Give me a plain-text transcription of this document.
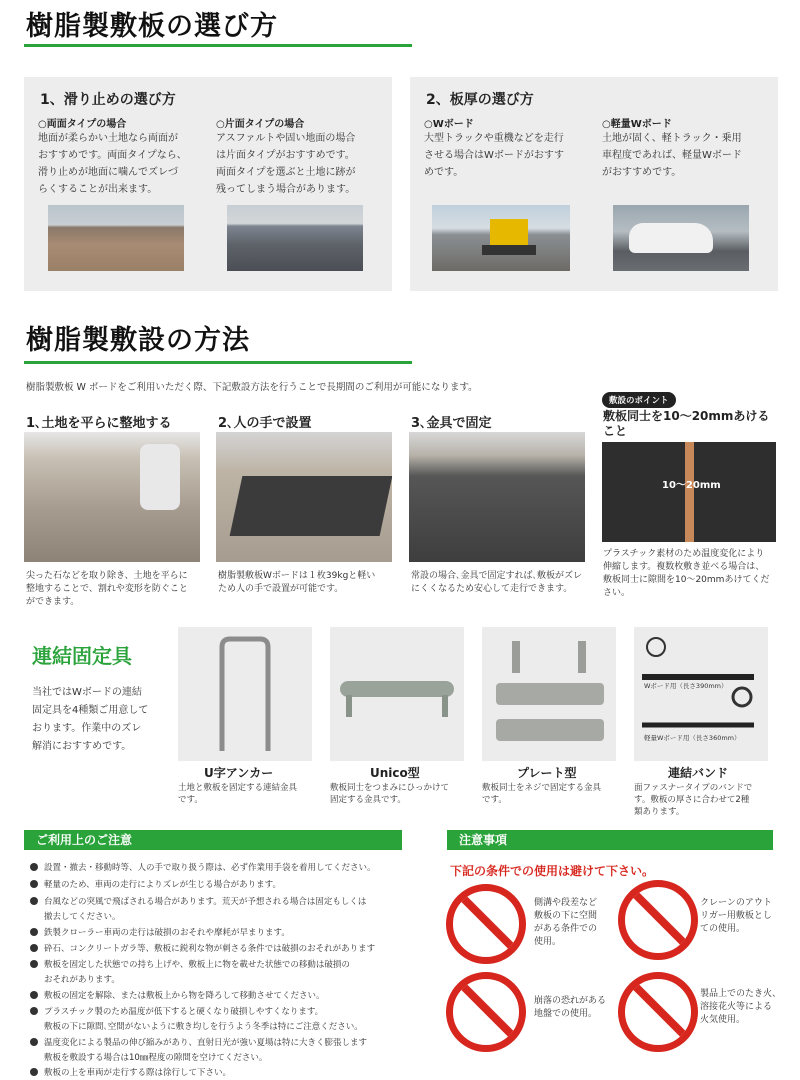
樹脂製敷板の選び方
1、滑り止めの選び方
○両面タイプの場合
地面が柔らかい土地なら両面が
おすすめです。両面タイプなら、
滑り止めが地面に噛んでズレづ
らくすることが出来ます。
○片面タイプの場合
アスファルトや固い地面の場合
は片面タイプがおすすめです。
両面タイプを選ぶと土地に跡が
残ってしまう場合があります。
2、板厚の選び方
○Wボード
大型トラックや重機などを走行
させる場合はWボードがおすす
めです。
○軽量Wボード
土地が固く、軽トラック・乗用
車程度であれば、軽量Wボード
がおすすめです。
樹脂製敷設の方法
樹脂製敷板 W ボードをご利用いただく際、下記敷設方法を行うことで長期間のご利用が可能になります。
1､土地を平らに整地する
尖った石などを取り除き、土地を平らに
整地することで、割れや変形を防ぐこと
ができます。
2､人の手で設置
樹脂製敷板Wボードは１枚39kgと軽い
ため人の手で設置が可能です。
3､金具で固定
常設の場合､金具で固定すれば､敷板がズレ
にくくなるため安心して走行できます。
敷設のポイント
敷板同士を10～20mmあける
こと
10～20mm
プラスチック素材のため温度変化により
伸縮します。複数枚敷き並べる場合は、
敷板同士に隙間を10～20mmあけてくだ
さい。
連結固定具
当社ではWボードの連結
固定具を4種類ご用意して
おります。作業中のズレ
解消におすすめです。
Wボード用（長さ390mm）
軽量Wボード用（長さ360mm）
U字アンカー
土地と敷板を固定する連結金具
です。
Unico型
敷板同士をつまみにひっかけて
固定する金具です。
プレート型
敷板同士をネジで固定する金具
です。
連結バンド
面ファスナータイプのバンドで
す。敷板の厚さに合わせて2種
類あります。
ご利用上のご注意
設置・撤去・移動時等、人の手で取り扱う際は、必ず作業用手袋を着用してください。
軽量のため、車両の走行によりズレが生じる場合があります。
台風などの突風で飛ばされる場合があります。荒天が予想される場合は固定もしくは
撤去してください。
鉄製クローラー車両の走行は破損のおそれや摩耗が早まります。
砕石、コンクリートガラ等、敷板に鋭利な物が刺さる条件では破損のおそれがあります
敷板を固定した状態での持ち上げや、敷板上に物を載せた状態での移動は破損の
おそれがあります。
敷板の固定を解除、または敷板上から物を降ろして移動させてください。
プラスチック製のため温度が低下すると硬くなり破損しやすくなります。
敷板の下に隙間､空間がないように敷き均しを行うよう冬季は特にご注意ください。
温度変化による製品の伸び縮みがあり、直射日光が強い夏場は特に大きく膨張します
敷板を敷設する場合は10㎜程度の隙間を空けてください。
敷板の上を車両が走行する際は徐行して下さい。
注意事項
下記の条件での使用は避けて下さい。
側溝や段差など
敷板の下に空間
がある条件での
使用。
クレーンのアウト
リガー用敷板とし
ての使用。
崩落の恐れがある
地盤での使用。
製品上でのたき火、
溶接花火等による
火気使用。
